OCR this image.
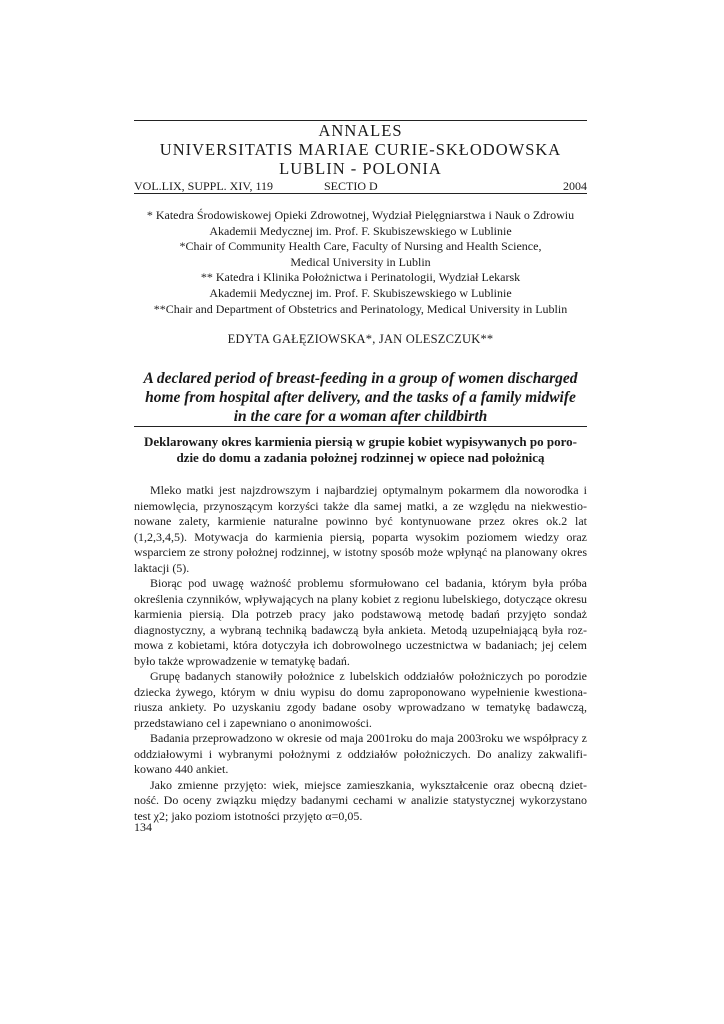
ANNALES
UNIVERSITATIS MARIAE CURIE-SKŁODOWSKA
LUBLIN - POLONIA
VOL.LIX, SUPPL. XIV, 119	SECTIO D	2004
* Katedra Środowiskowej Opieki Zdrowotnej, Wydział Pielęgniarstwa i Nauk o Zdrowiu
Akademii Medycznej im. Prof. F. Skubiszewskiego w Lublinie
*Chair of Community Health Care, Faculty of Nursing and Health Science,
Medical University in Lublin
** Katedra i Klinika Położnictwa i Perinatologii, Wydział Lekarsk
Akademii Medycznej im. Prof. F. Skubiszewskiego w Lublinie
**Chair and Department of Obstetrics and Perinatology, Medical University in Lublin
EDYTA GAŁĘZIOWSKA*, JAN OLESZCZUK**
A declared period of breast-feeding in a group of women discharged
home from hospital after delivery, and the tasks of a family midwife
in the care for a woman after childbirth
Deklarowany okres karmienia piersią w grupie kobiet wypisywanych po poro-
dzie do domu a zadania położnej rodzinnej w opiece nad położnicą

Mleko matki jest najzdrowszym i najbardziej optymalnym pokarmem dla noworodka i niemowlęcia, przynoszącym korzyści także dla samej matki, a ze względu na niekwestio-nowane zalety, karmienie naturalne powinno być kontynuowane przez okres ok.2 lat (1,2,3,4,5). Motywacja do karmienia piersią, poparta wysokim poziomem wiedzy oraz wsparciem ze strony położnej rodzinnej, w istotny sposób może wpłynąć na planowany okres laktacji (5).

Biorąc pod uwagę ważność problemu sformułowano cel badania, którym była próba określenia czynników, wpływających na plany kobiet z regionu lubelskiego, dotyczące okresu karmienia piersią. Dla potrzeb pracy jako podstawową metodę badań przyjęto sondaż diagnostyczny, a wybraną techniką badawczą była ankieta. Metodą uzupełniającą była roz-mowa z kobietami, która dotyczyła ich dobrowolnego uczestnictwa w badaniach; jej celem było także wprowadzenie w tematykę badań.

Grupę badanych stanowiły położnice z lubelskich oddziałów położniczych po porodzie dziecka żywego, którym w dniu wypisu do domu zaproponowano wypełnienie kwestiona-riusza ankiety. Po uzyskaniu zgody badane osoby wprowadzano w tematykę badawczą, przedstawiano cel i zapewniano o anonimowości.

Badania przeprowadzono w okresie od maja 2001roku do maja 2003roku we współpracy z oddziałowymi i wybranymi położnymi z oddziałów położniczych. Do analizy zakwalifi-kowano 440 ankiet.

Jako zmienne przyjęto: wiek, miejsce zamieszkania, wykształcenie oraz obecną dziet-ność. Do oceny związku między badanymi cechami w analizie statystycznej wykorzystano test χ2; jako poziom istotności przyjęto α=0,05.

134
